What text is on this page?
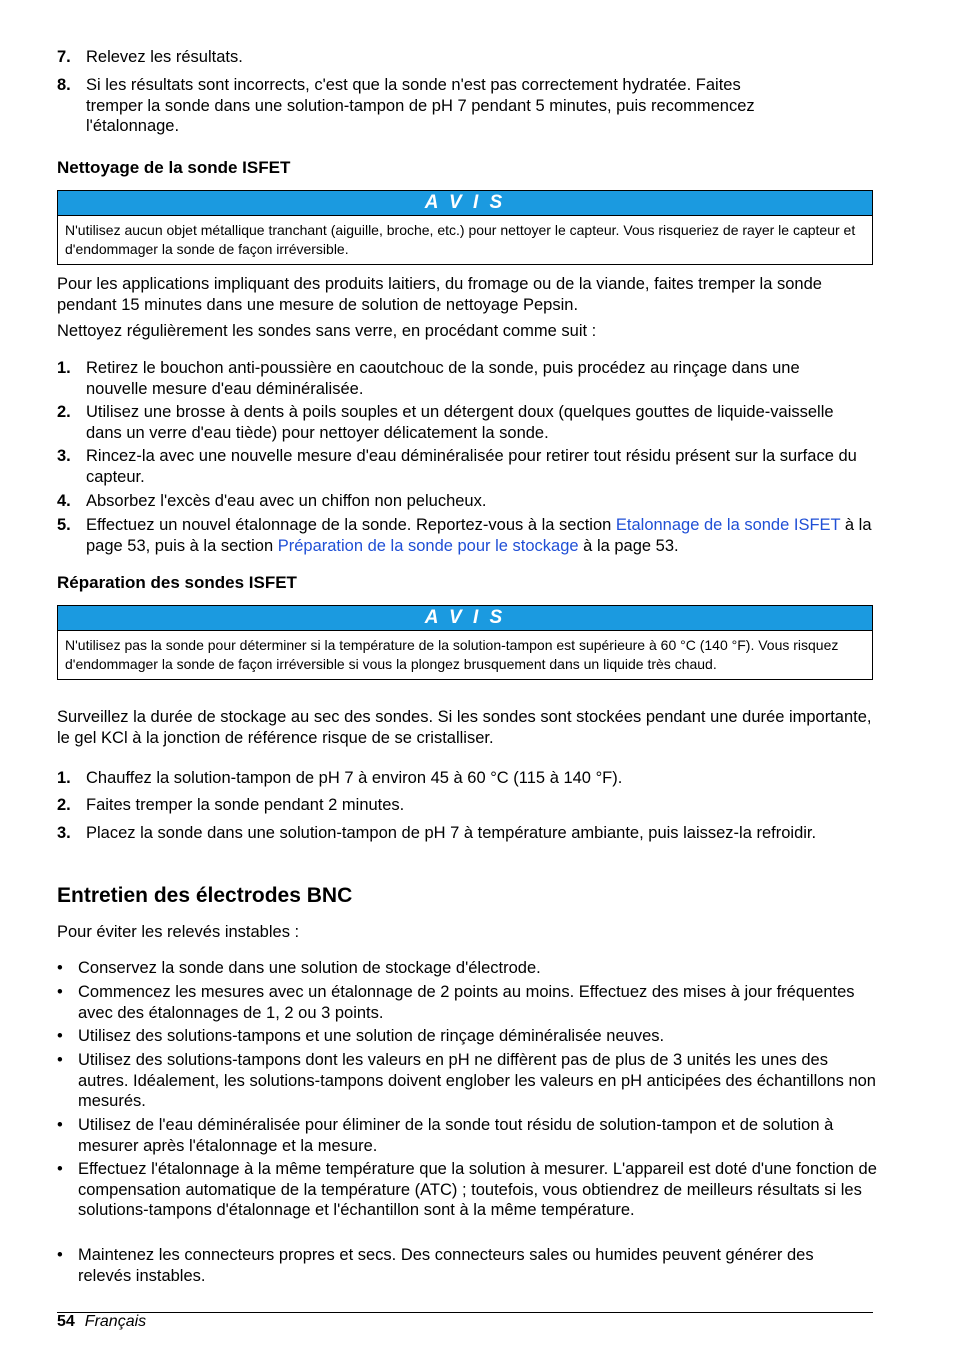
7. Relevez les résultats.
8. Si les résultats sont incorrects, c'est que la sonde n'est pas correctement hydratée. Faites tremper la sonde dans une solution-tampon de pH 7 pendant 5 minutes, puis recommencez l'étalonnage.
Nettoyage de la sonde ISFET
A V I S
N'utilisez aucun objet métallique tranchant (aiguille, broche, etc.) pour nettoyer le capteur. Vous risqueriez de rayer le capteur et d'endommager la sonde de façon irréversible.
Pour les applications impliquant des produits laitiers, du fromage ou de la viande, faites tremper la sonde pendant 15 minutes dans une mesure de solution de nettoyage Pepsin.
Nettoyez régulièrement les sondes sans verre, en procédant comme suit :
1. Retirez le bouchon anti-poussière en caoutchouc de la sonde, puis procédez au rinçage dans une nouvelle mesure d'eau déminéralisée.
2. Utilisez une brosse à dents à poils souples et un détergent doux (quelques gouttes de liquide-vaisselle dans un verre d'eau tiède) pour nettoyer délicatement la sonde.
3. Rincez-la avec une nouvelle mesure d'eau déminéralisée pour retirer tout résidu présent sur la surface du capteur.
4. Absorbez l'excès d'eau avec un chiffon non pelucheux.
5. Effectuez un nouvel étalonnage de la sonde. Reportez-vous à la section Etalonnage de la sonde ISFET à la page 53, puis à la section Préparation de la sonde pour le stockage à la page 53.
Réparation des sondes ISFET
A V I S
N'utilisez pas la sonde pour déterminer si la température de la solution-tampon est supérieure à 60 °C (140 °F). Vous risquez d'endommager la sonde de façon irréversible si vous la plongez brusquement dans un liquide très chaud.
Surveillez la durée de stockage au sec des sondes. Si les sondes sont stockées pendant une durée importante, le gel KCl à la jonction de référence risque de se cristalliser.
1. Chauffez la solution-tampon de pH 7 à environ 45 à 60 °C (115 à 140 °F).
2. Faites tremper la sonde pendant 2 minutes.
3. Placez la sonde dans une solution-tampon de pH 7 à température ambiante, puis laissez-la refroidir.
Entretien des électrodes BNC
Pour éviter les relevés instables :
• Conservez la sonde dans une solution de stockage d'électrode.
• Commencez les mesures avec un étalonnage de 2 points au moins. Effectuez des mises à jour fréquentes avec des étalonnages de 1, 2 ou 3 points.
• Utilisez des solutions-tampons et une solution de rinçage déminéralisée neuves.
• Utilisez des solutions-tampons dont les valeurs en pH ne diffèrent pas de plus de 3 unités les unes des autres. Idéalement, les solutions-tampons doivent englober les valeurs en pH anticipées des échantillons non mesurés.
• Utilisez de l'eau déminéralisée pour éliminer de la sonde tout résidu de solution-tampon et de solution à mesurer après l'étalonnage et la mesure.
• Effectuez l'étalonnage à la même température que la solution à mesurer. L'appareil est doté d'une fonction de compensation automatique de la température (ATC) ; toutefois, vous obtiendrez de meilleurs résultats si les solutions-tampons d'étalonnage et l'échantillon sont à la même température.
• Maintenez les connecteurs propres et secs. Des connecteurs sales ou humides peuvent générer des relevés instables.
54 Français
